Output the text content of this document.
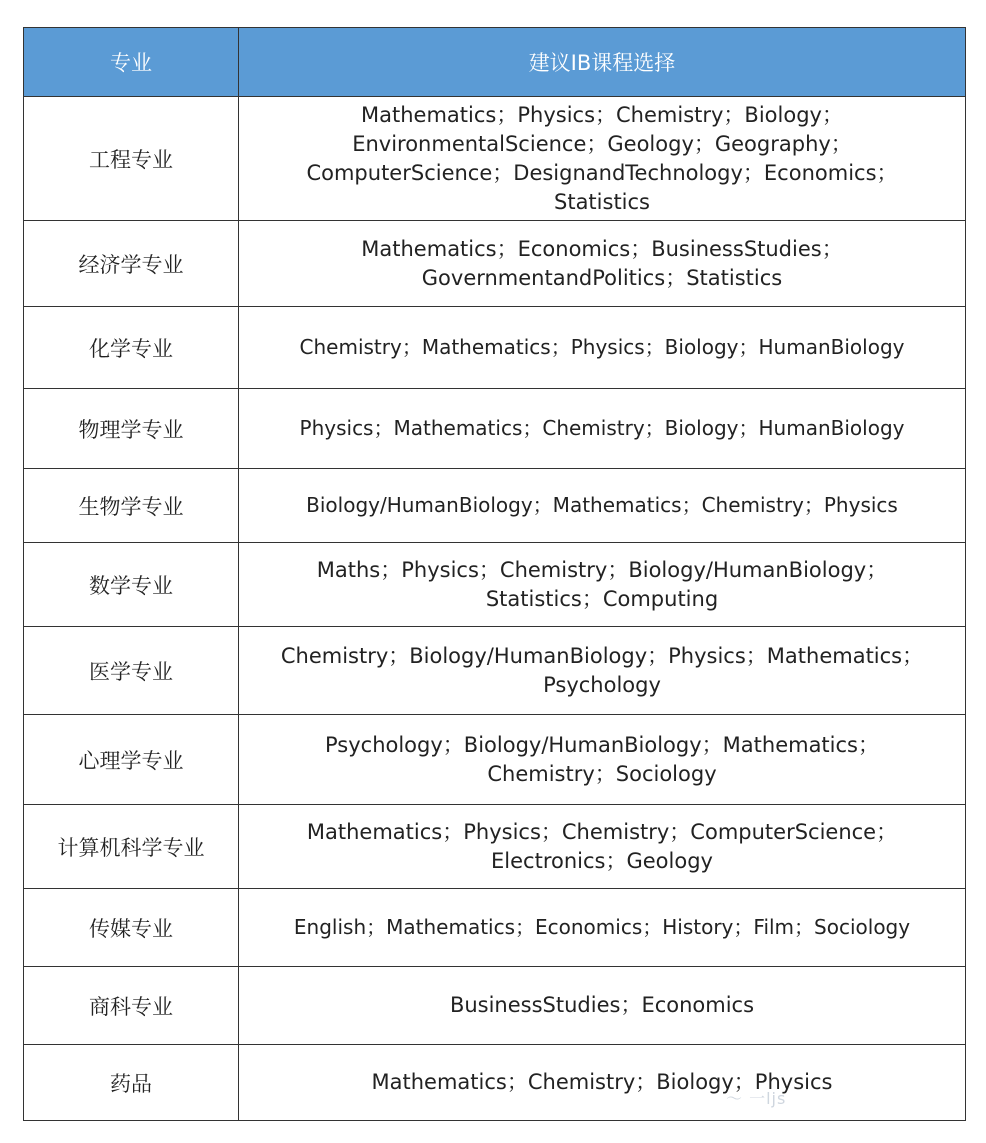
专业	建议IB课程选择
工程专业	Mathematics；Physics；Chemistry；Biology；EnvironmentalScience；Geology；Geography；ComputerScience；DesignandTechnology；Economics；Statistics
经济学专业	Mathematics；Economics；BusinessStudies；GovernmentandPolitics；Statistics
化学专业	Chemistry；Mathematics；Physics；Biology；HumanBiology
物理学专业	Physics；Mathematics；Chemistry；Biology；HumanBiology
生物学专业	Biology/HumanBiology；Mathematics；Chemistry；Physics
数学专业	Maths；Physics；Chemistry；Biology/HumanBiology；Statistics；Computing
医学专业	Chemistry；Biology/HumanBiology；Physics；Mathematics；Psychology
心理学专业	Psychology；Biology/HumanBiology；Mathematics；Chemistry；Sociology
计算机科学专业	Mathematics；Physics；Chemistry；ComputerScience；Electronics；Geology
传媒专业	English；Mathematics；Economics；History；Film；Sociology
商科专业	BusinessStudies；Economics
药品	Mathematics；Chemistry；Biology；Physics
〜 一ljs
